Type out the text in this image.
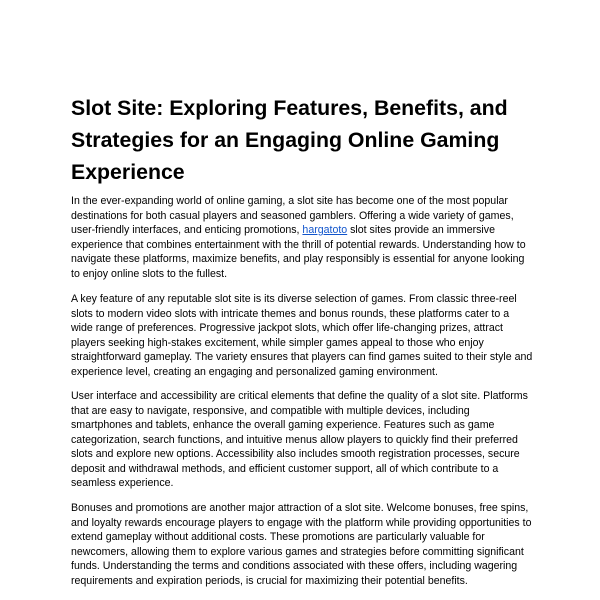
Slot Site: Exploring Features, Benefits, and Strategies for an Engaging Online Gaming Experience

In the ever-expanding world of online gaming, a slot site has become one of the most popular destinations for both casual players and seasoned gamblers. Offering a wide variety of games, user-friendly interfaces, and enticing promotions, hargatoto slot sites provide an immersive experience that combines entertainment with the thrill of potential rewards. Understanding how to navigate these platforms, maximize benefits, and play responsibly is essential for anyone looking to enjoy online slots to the fullest.

A key feature of any reputable slot site is its diverse selection of games. From classic three-reel slots to modern video slots with intricate themes and bonus rounds, these platforms cater to a wide range of preferences. Progressive jackpot slots, which offer life-changing prizes, attract players seeking high-stakes excitement, while simpler games appeal to those who enjoy straightforward gameplay. The variety ensures that players can find games suited to their style and experience level, creating an engaging and personalized gaming environment.

User interface and accessibility are critical elements that define the quality of a slot site. Platforms that are easy to navigate, responsive, and compatible with multiple devices, including smartphones and tablets, enhance the overall gaming experience. Features such as game categorization, search functions, and intuitive menus allow players to quickly find their preferred slots and explore new options. Accessibility also includes smooth registration processes, secure deposit and withdrawal methods, and efficient customer support, all of which contribute to a seamless experience.

Bonuses and promotions are another major attraction of a slot site. Welcome bonuses, free spins, and loyalty rewards encourage players to engage with the platform while providing opportunities to extend gameplay without additional costs. These promotions are particularly valuable for newcomers, allowing them to explore various games and strategies before committing significant funds. Understanding the terms and conditions associated with these offers, including wagering requirements and expiration periods, is crucial for maximizing their potential benefits.
